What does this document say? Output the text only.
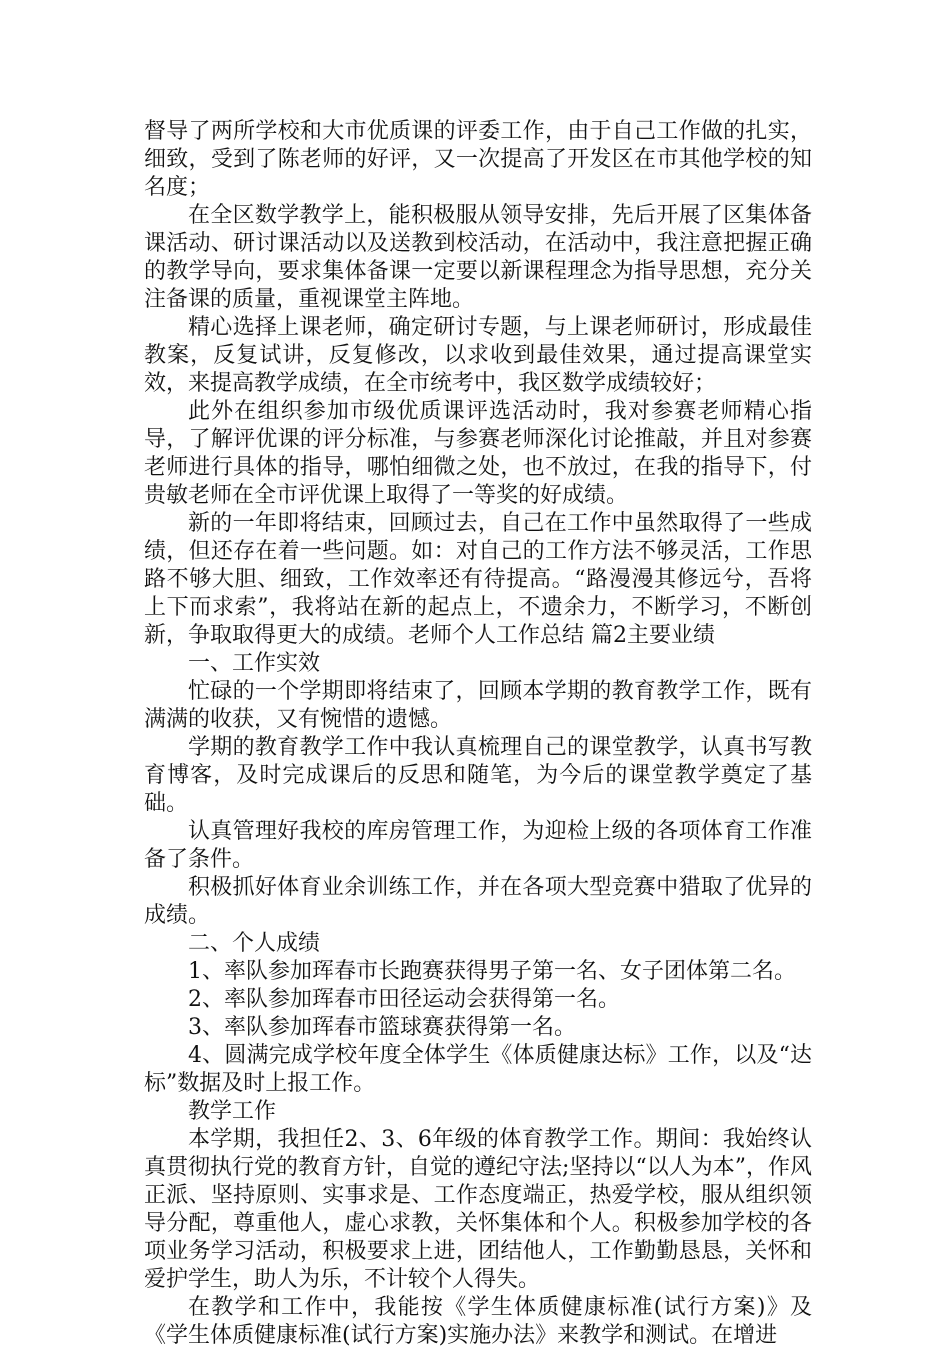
督导了两所学校和大市优质课的评委工作，由于自己工作做的扎实，细致，受到了陈老师的好评，又一次提高了开发区在市其他学校的知名度；

在全区数学教学上，能积极服从领导安排，先后开展了区集体备课活动、研讨课活动以及送教到校活动，在活动中，我注意把握正确的教学导向，要求集体备课一定要以新课程理念为指导思想，充分关注备课的质量，重视课堂主阵地。

精心选择上课老师，确定研讨专题，与上课老师研讨，形成最佳教案，反复试讲，反复修改，以求收到最佳效果，通过提高课堂实效，来提高教学成绩，在全市统考中，我区数学成绩较好；

此外在组织参加市级优质课评选活动时，我对参赛老师精心指导，了解评优课的评分标准，与参赛老师深化讨论推敲，并且对参赛老师进行具体的指导，哪怕细微之处，也不放过，在我的指导下，付贵敏老师在全市评优课上取得了一等奖的好成绩。

新的一年即将结束，回顾过去，自己在工作中虽然取得了一些成绩，但还存在着一些问题。如：对自己的工作方法不够灵活，工作思路不够大胆、细致，工作效率还有待提高。“路漫漫其修远兮，吾将上下而求索”，我将站在新的起点上，不遗余力，不断学习，不断创新，争取取得更大的成绩。老师个人工作总结 篇2主要业绩

一、工作实效

忙碌的一个学期即将结束了，回顾本学期的教育教学工作，既有满满的收获，又有惋惜的遗憾。

学期的教育教学工作中我认真梳理自己的课堂教学，认真书写教育博客，及时完成课后的反思和随笔，为今后的课堂教学奠定了基础。

认真管理好我校的库房管理工作，为迎检上级的各项体育工作准备了条件。

积极抓好体育业余训练工作，并在各项大型竞赛中猎取了优异的成绩。

二、个人成绩

1、率队参加珲春市长跑赛获得男子第一名、女子团体第二名。

2、率队参加珲春市田径运动会获得第一名。

3、率队参加珲春市篮球赛获得第一名。

4、圆满完成学校年度全体学生《体质健康达标》工作，以及“达标”数据及时上报工作。

教学工作

本学期，我担任2、3、6年级的体育教学工作。期间：我始终认真贯彻执行党的教育方针，自觉的遵纪守法;坚持以“以人为本”，作风正派、坚持原则、实事求是、工作态度端正，热爱学校，服从组织领导分配，尊重他人，虚心求教，关怀集体和个人。积极参加学校的各项业务学习活动，积极要求上进，团结他人，工作勤勤恳恳，关怀和爱护学生，助人为乐，不计较个人得失。

在教学和工作中，我能按《学生体质健康标准(试行方案)》及《学生体质健康标准(试行方案)实施办法》来教学和测试。在增进
